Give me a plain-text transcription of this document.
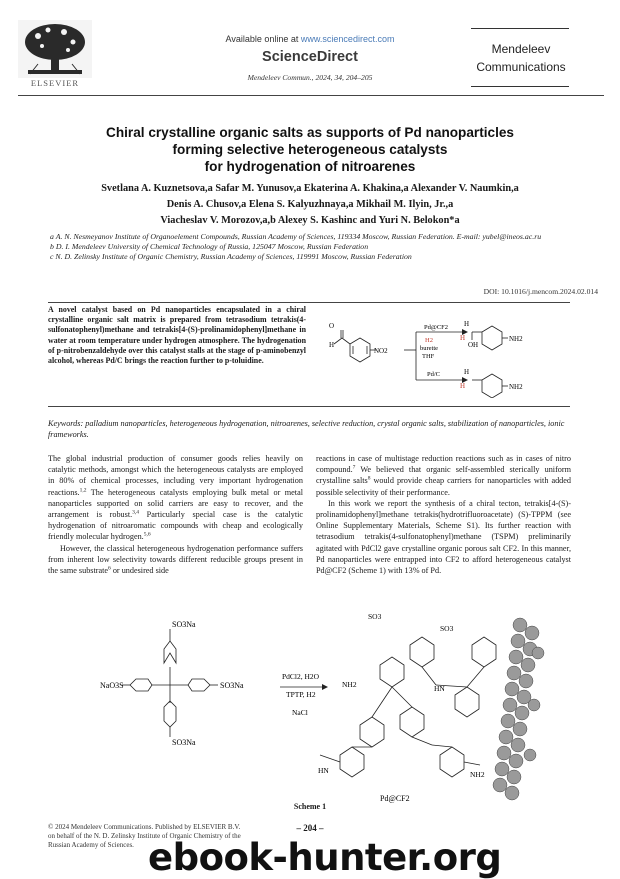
ELSEVIER
Available online at www.sciencedirect.com
ScienceDirect
Mendeleev Commun., 2024, 34, 204–205
Mendeleev
Communications
Chiral crystalline organic salts as supports of Pd nanoparticles
forming selective heterogeneous catalysts
for hydrogenation of nitroarenes
Svetlana A. Kuznetsova,a Safar M. Yunusov,a Ekaterina A. Khakina,a Alexander V. Naumkin,a
Denis A. Chusov,a Elena S. Kalyuzhnaya,a Mikhail M. Ilyin, Jr.,a
Viacheslav V. Morozov,a,b Alexey S. Kashinc and Yuri N. Belokon*a
a A. N. Nesmeyanov Institute of Organoelement Compounds, Russian Academy of Sciences, 119334 Moscow, Russian Federation. E-mail: yubel@ineos.ac.ru
b D. I. Mendeleev University of Chemical Technology of Russia, 125047 Moscow, Russian Federation
c N. D. Zelinsky Institute of Organic Chemistry, Russian Academy of Sciences, 119991 Moscow, Russian Federation
DOI: 10.1016/j.mencom.2024.02.014
A novel catalyst based on Pd nanoparticles encapsulated in a chiral crystalline organic salt matrix is prepared from tetrasodium tetrakis(4-sulfonatophenyl)methane and tetrakis[4-(S)-prolinamidophenyl]methane in water at room temperature under hydrogen atmosphere. The hydrogenation of p-nitrobenzaldehyde over this catalyst stalls at the stage of p-aminobenzyl alcohol, whereas Pd/C brings the reaction further to p-toluidine.
O
H
NO2
H2
burette
THF
Pd@CF2
Pd/C
H
H
OH
NH2
H
H	NH2
Keywords: palladium nanoparticles, heterogeneous hydrogenation, nitroarenes, selective reduction, crystal organic salts, stabilization of nanoparticles, ionic frameworks.

The global industrial production of consumer goods relies heavily on catalytic methods, amongst which the heterogeneous catalysts are employed in 80% of chemical processes, including very important hydrogenation reactions.$^{1,2}$ The heterogeneous catalysts employing bulk metal or metal nanoparticles supported on solid carriers are easy to recover, and the arrangement is robust.$^{3,4}$ Particularly special case is the catalytic hydrogenation of nitroaromatic compounds with cheap and ecologically friendly molecular hydrogen.$^{5,6}$

However, the classical heterogeneous hydrogenation performance suffers from inherent low selectivity towards different reducible groups present in the same substrate$^6$ or undesired side

reactions in case of multistage reduction reactions such as in cases of nitro compound.$^7$ We believed that organic self-assembled sterically uniform crystalline salts$^8$ would provide cheap carriers for nanoparticles with added possible selectivity of their performance.

In this work we report the synthesis of a chiral tecton, tetrakis[4-(S)-prolinamidophenyl]methane tetrakis(hydrotrifluoroacetate) (S)-TPPM (see Online Supplementary Materials, Scheme S1). Its further reaction with tetrasodium tetrakis(4-sulfonatophenyl)methane (TSPM) preliminarily agitated with PdCl2 gave crystalline organic porous salt CF2. In this manner, Pd nanoparticles were entrapped into CF2 to afford heterogeneous catalyst Pd@CF2 (Scheme 1) with 13% of Pd.

SO3Na
SO3Na
NaO3S	SO3Na
PdCl2, H2O
TPTP, H2
NaCl
SO3
SO3
NH2	HN
HN	NH2
Pd@CF2
Scheme 1
© 2024 Mendeleev Communications. Published by ELSEVIER B.V.
on behalf of the N. D. Zelinsky Institute of Organic Chemistry of the
Russian Academy of Sciences.
– 204 –
ebook-hunter.org
